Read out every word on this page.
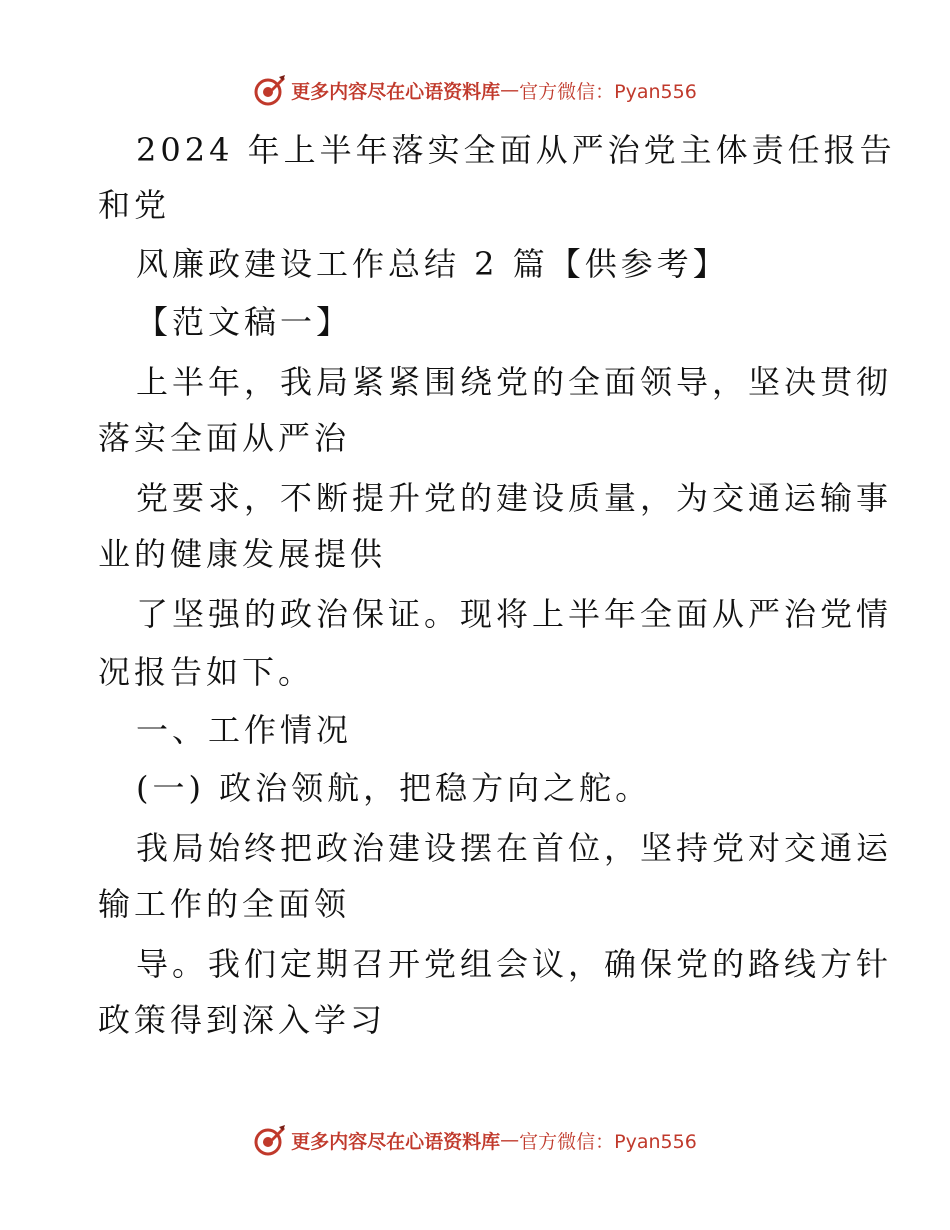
更多内容尽在心语资料库 — 官方微信：Pyan556
2024 年上半年落实全面从严治党主体责任报告
和党
风廉政建设工作总结 2 篇【供参考】
【范文稿一】
上半年，我局紧紧围绕党的全面领导，坚决贯彻
落实全面从严治
党要求，不断提升党的建设质量，为交通运输事
业的健康发展提供
了坚强的政治保证。现将上半年全面从严治党情
况报告如下。
一、工作情况
(一) 政治领航，把稳方向之舵。
我局始终把政治建设摆在首位，坚持党对交通运
输工作的全面领
导。我们定期召开党组会议，确保党的路线方针
政策得到深入学习
更多内容尽在心语资料库 — 官方微信：Pyan556
